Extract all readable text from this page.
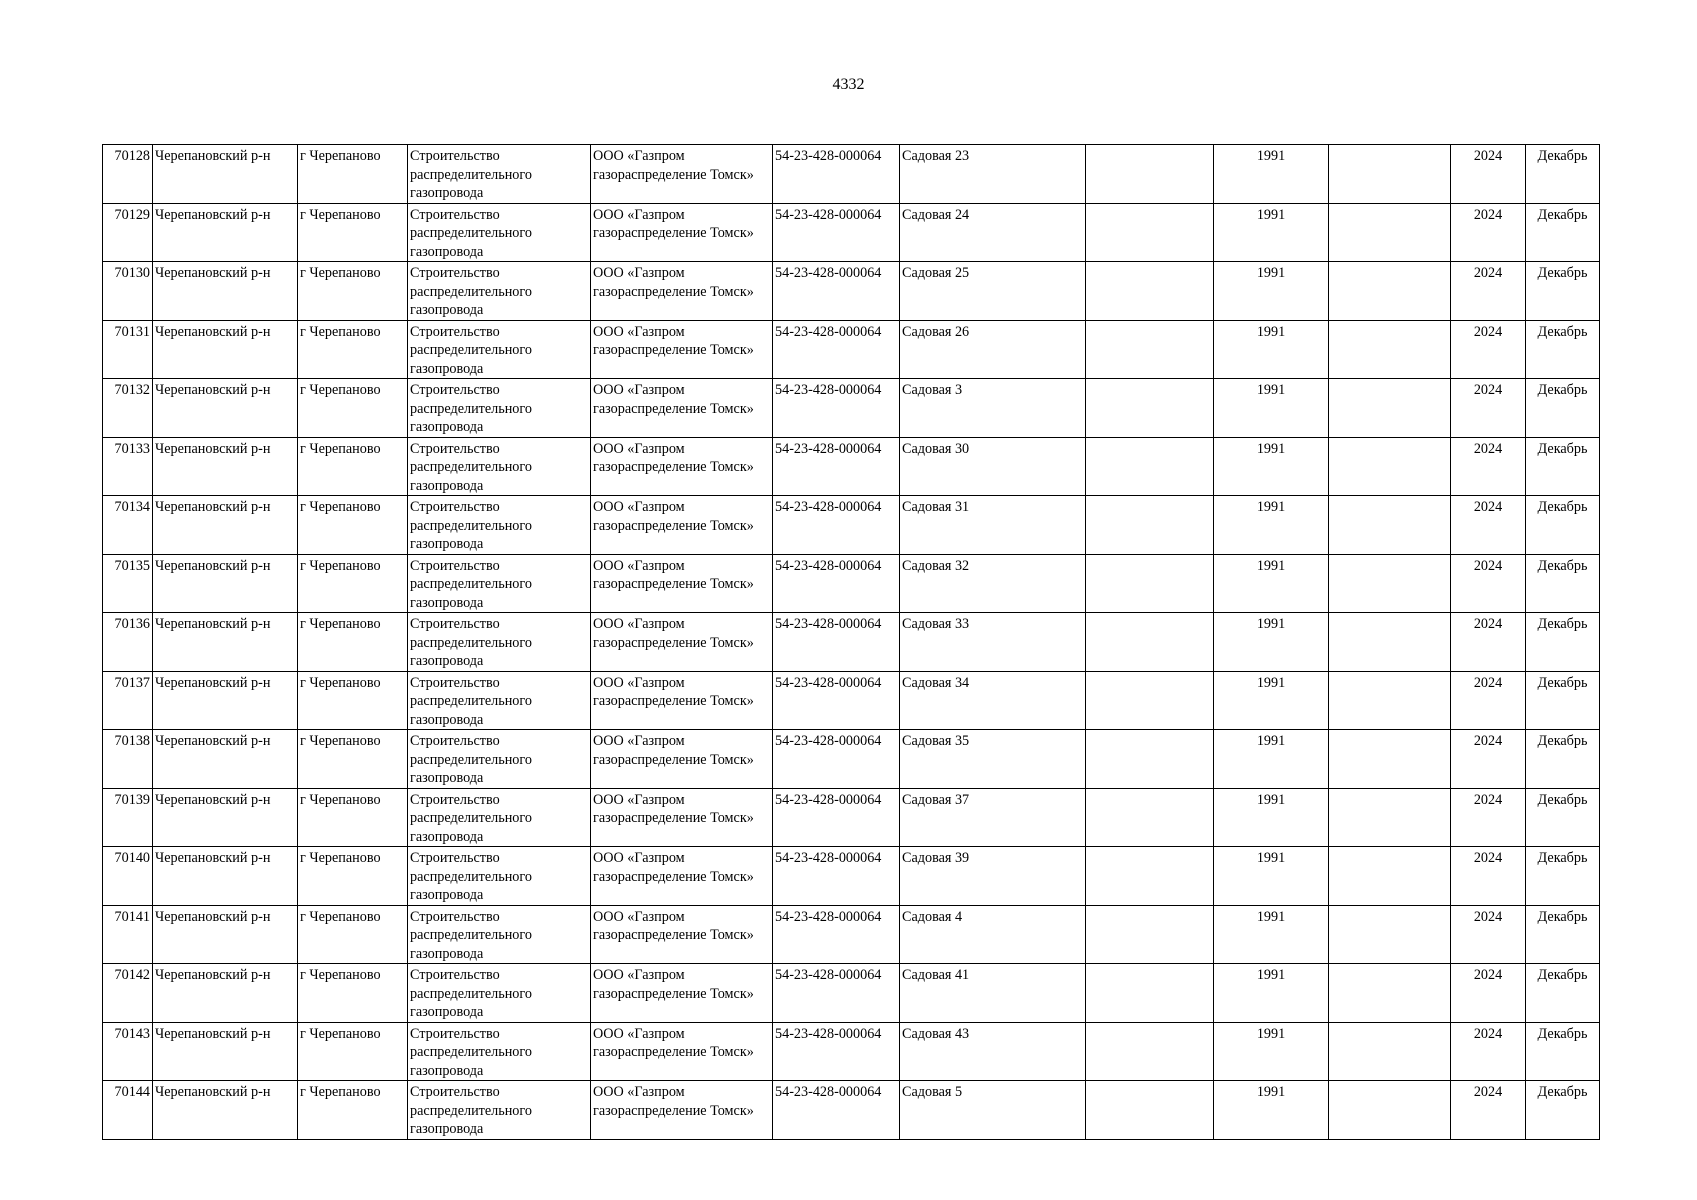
4332
70128	Черепановский р-н	г Черепаново	Строительство
распределительного
газопровода	ООО «Газпром
газораспределение Томск»	54-23-428-000064	Садовая 23		1991		2024	Декабрь
70129	Черепановский р-н	г Черепаново	Строительство
распределительного
газопровода	ООО «Газпром
газораспределение Томск»	54-23-428-000064	Садовая 24		1991		2024	Декабрь
70130	Черепановский р-н	г Черепаново	Строительство
распределительного
газопровода	ООО «Газпром
газораспределение Томск»	54-23-428-000064	Садовая 25		1991		2024	Декабрь
70131	Черепановский р-н	г Черепаново	Строительство
распределительного
газопровода	ООО «Газпром
газораспределение Томск»	54-23-428-000064	Садовая 26		1991		2024	Декабрь
70132	Черепановский р-н	г Черепаново	Строительство
распределительного
газопровода	ООО «Газпром
газораспределение Томск»	54-23-428-000064	Садовая 3		1991		2024	Декабрь
70133	Черепановский р-н	г Черепаново	Строительство
распределительного
газопровода	ООО «Газпром
газораспределение Томск»	54-23-428-000064	Садовая 30		1991		2024	Декабрь
70134	Черепановский р-н	г Черепаново	Строительство
распределительного
газопровода	ООО «Газпром
газораспределение Томск»	54-23-428-000064	Садовая 31		1991		2024	Декабрь
70135	Черепановский р-н	г Черепаново	Строительство
распределительного
газопровода	ООО «Газпром
газораспределение Томск»	54-23-428-000064	Садовая 32		1991		2024	Декабрь
70136	Черепановский р-н	г Черепаново	Строительство
распределительного
газопровода	ООО «Газпром
газораспределение Томск»	54-23-428-000064	Садовая 33		1991		2024	Декабрь
70137	Черепановский р-н	г Черепаново	Строительство
распределительного
газопровода	ООО «Газпром
газораспределение Томск»	54-23-428-000064	Садовая 34		1991		2024	Декабрь
70138	Черепановский р-н	г Черепаново	Строительство
распределительного
газопровода	ООО «Газпром
газораспределение Томск»	54-23-428-000064	Садовая 35		1991		2024	Декабрь
70139	Черепановский р-н	г Черепаново	Строительство
распределительного
газопровода	ООО «Газпром
газораспределение Томск»	54-23-428-000064	Садовая 37		1991		2024	Декабрь
70140	Черепановский р-н	г Черепаново	Строительство
распределительного
газопровода	ООО «Газпром
газораспределение Томск»	54-23-428-000064	Садовая 39		1991		2024	Декабрь
70141	Черепановский р-н	г Черепаново	Строительство
распределительного
газопровода	ООО «Газпром
газораспределение Томск»	54-23-428-000064	Садовая 4		1991		2024	Декабрь
70142	Черепановский р-н	г Черепаново	Строительство
распределительного
газопровода	ООО «Газпром
газораспределение Томск»	54-23-428-000064	Садовая 41		1991		2024	Декабрь
70143	Черепановский р-н	г Черепаново	Строительство
распределительного
газопровода	ООО «Газпром
газораспределение Томск»	54-23-428-000064	Садовая 43		1991		2024	Декабрь
70144	Черепановский р-н	г Черепаново	Строительство
распределительного
газопровода	ООО «Газпром
газораспределение Томск»	54-23-428-000064	Садовая 5		1991		2024	Декабрь
